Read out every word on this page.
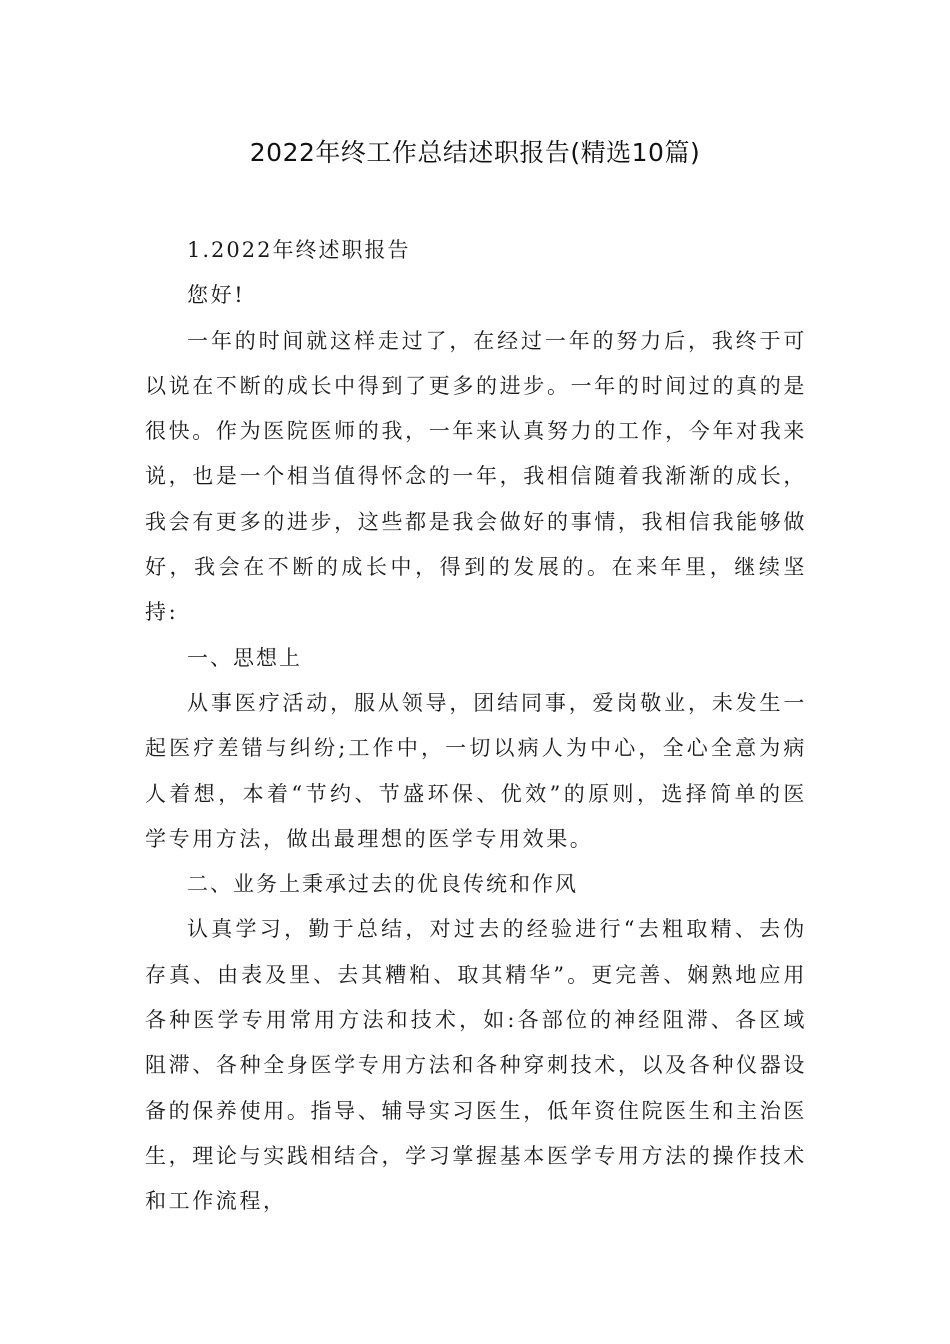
2022年终工作总结述职报告(精选10篇)

1.2022年终述职报告

您好!

一年的时间就这样走过了，在经过一年的努力后，我终于可以说在不断的成长中得到了更多的进步。一年的时间过的真的是很快。作为医院医师的我，一年来认真努力的工作，今年对我来说，也是一个相当值得怀念的一年，我相信随着我渐渐的成长，我会有更多的进步，这些都是我会做好的事情，我相信我能够做好，我会在不断的成长中，得到的发展的。在来年里，继续坚持:

一、思想上

从事医疗活动，服从领导，团结同事，爱岗敬业，未发生一起医疗差错与纠纷;工作中，一切以病人为中心，全心全意为病人着想，本着“节约、节盛环保、优效”的原则，选择简单的医学专用方法，做出最理想的医学专用效果。

二、业务上秉承过去的优良传统和作风

认真学习，勤于总结，对过去的经验进行“去粗取精、去伪存真、由表及里、去其糟粕、取其精华”。更完善、娴熟地应用各种医学专用常用方法和技术，如:各部位的神经阻滞、各区域阻滞、各种全身医学专用方法和各种穿刺技术，以及各种仪器设备的保养使用。指导、辅导实习医生，低年资住院医生和主治医生，理论与实践相结合，学习掌握基本医学专用方法的操作技术和工作流程，
